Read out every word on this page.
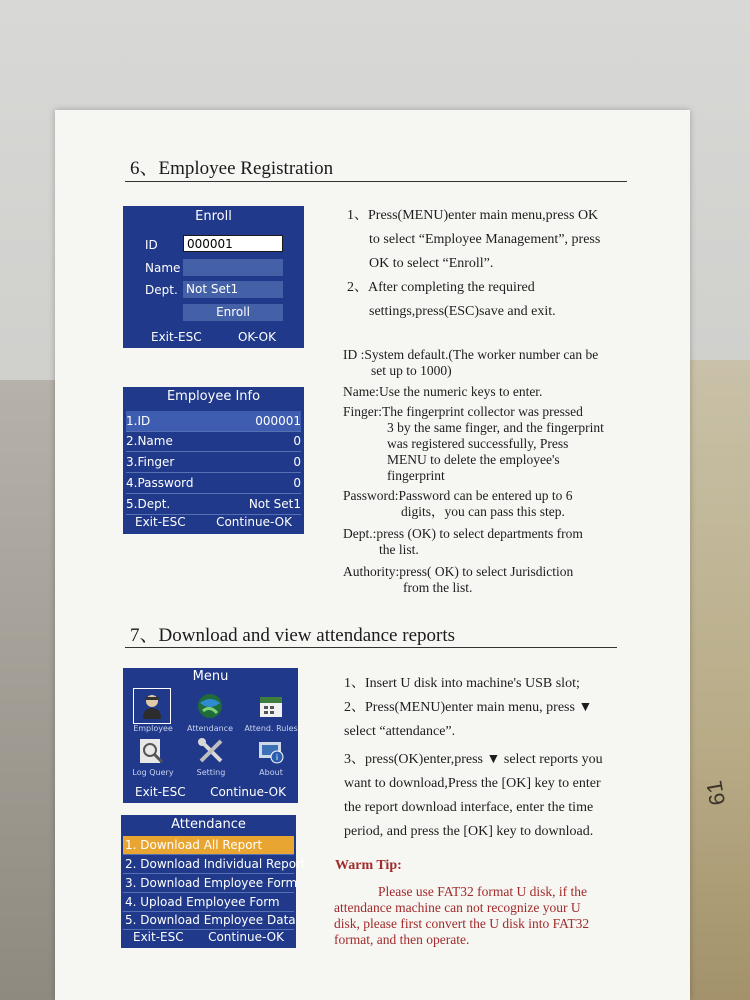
61
6、Employee Registration
1、Press(MENU)enter main menu,press OK
to select “Employee Management”, press
OK to select “Enroll”.
2、After completing the required
settings,press(ESC)save and exit.
ID :System default.(The worker number can be
set up to 1000)
Name:Use the numeric keys to enter.
Finger:The fingerprint collector was pressed
3 by the same finger, and the fingerprint
was registered successfully, Press
MENU to delete the employee's
fingerprint
Password:Password can be entered up to 6
digits，you can pass this step.
Dept.:press (OK) to select departments from
the list.
Authority:press( OK) to select Jurisdiction
from the list.
Enroll
ID	000001
Name
Dept. Not Set1
Enroll
Exit-ESC	OK-OK
Employee Info
1.ID	000001
2.Name	0
3.Finger	0
4.Password	0
5.Dept.	Not Set1
Exit-ESC	Continue-OK
7、Download and view attendance reports
1、Insert U disk into machine's USB slot;
2、Press(MENU)enter main menu, press ▼
select “attendance”.
3、press(OK)enter,press ▼ select reports you
want to download,Press the [OK] key to enter
the report download interface, enter the time
period, and press the [OK] key to download.
Menu
Employee	Attendance	Attend. Rules
Log Query	Setting
i
About
Exit-ESC Continue-OK
Attendance
1. Download All Report
2. Download Individual Report
3. Download Employee Form
4. Upload Employee Form
5. Download Employee Data
Exit-ESC Continue-OK
Warm Tip:
Please use FAT32 format U disk, if the
attendance machine can not recognize your U
disk, please first convert the U disk into FAT32
format, and then operate.
